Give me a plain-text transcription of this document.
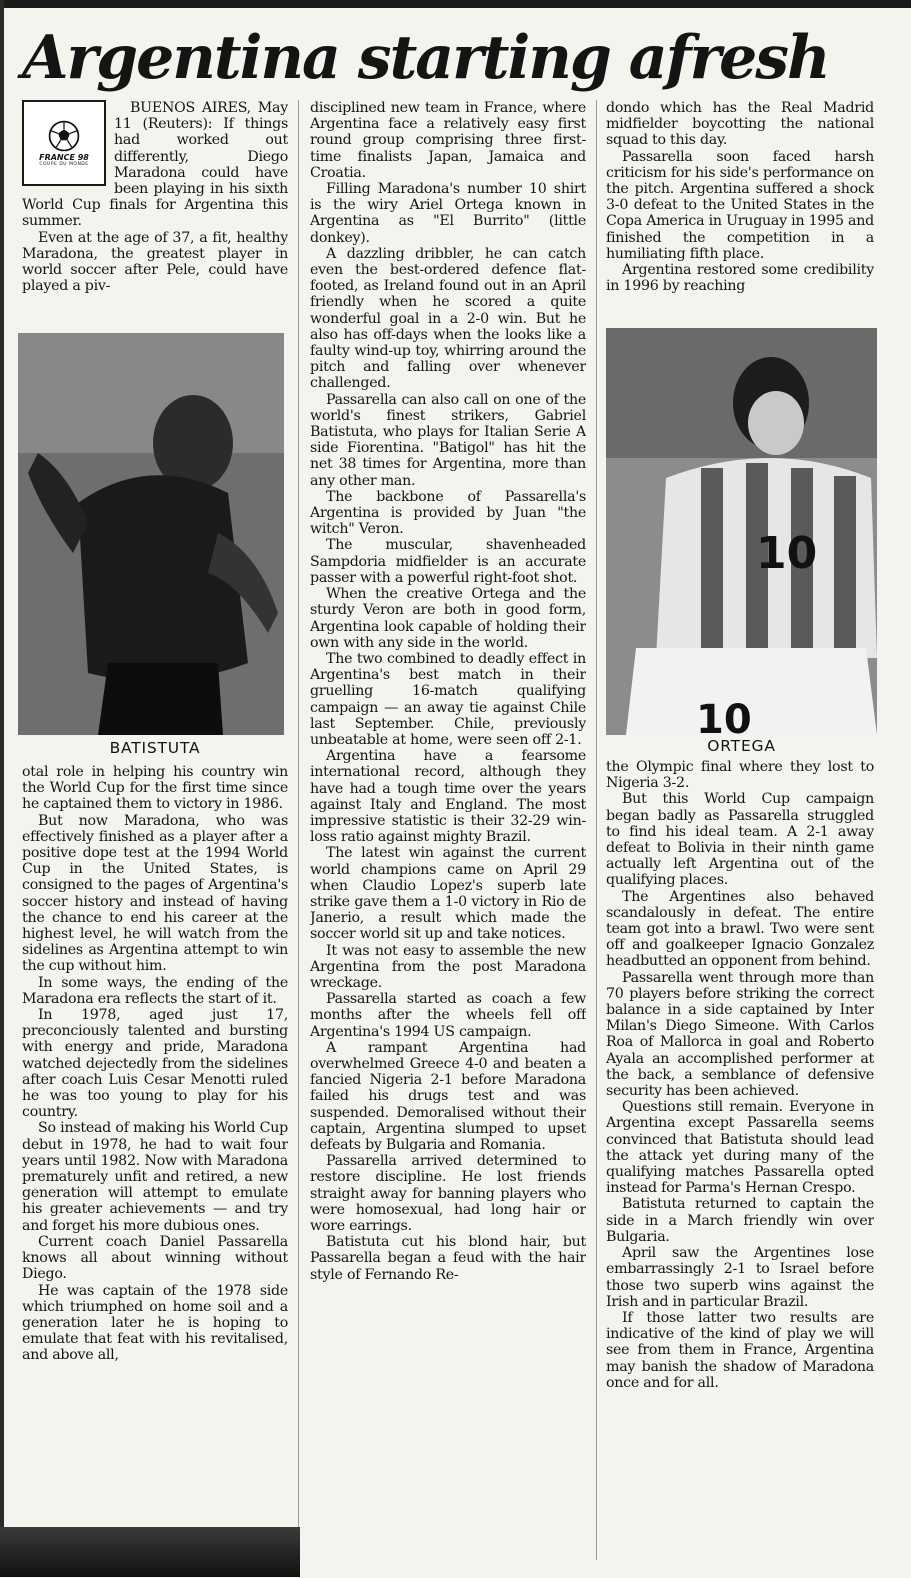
Argentina starting afresh
FRANCE 98
COUPE DU MONDE

BUENOS AIRES, May 11 (Reuters): If things had worked out differently, Diego Maradona could have been playing in his sixth World Cup finals for Argentina this summer.

Even at the age of 37, a fit, healthy Maradona, the greatest player in world soccer after Pele, could have played a piv-

BATISTUTA

otal role in helping his country win the World Cup for the first time since he captained them to victory in 1986.

But now Maradona, who was effectively finished as a player after a positive dope test at the 1994 World Cup in the United States, is consigned to the pages of Argentina's soccer history and instead of having the chance to end his career at the highest level, he will watch from the sidelines as Argentina attempt to win the cup without him.

In some ways, the ending of the Maradona era reflects the start of it.

In 1978, aged just 17, preconciously talented and bursting with energy and pride, Maradona watched dejectedly from the sidelines after coach Luis Cesar Menotti ruled he was too young to play for his country.

So instead of making his World Cup debut in 1978, he had to wait four years until 1982. Now with Maradona prematurely unfit and retired, a new generation will attempt to emulate his greater achievements — and try and forget his more dubious ones.

Current coach Daniel Passarella knows all about winning without Diego.

He was captain of the 1978 side which triumphed on home soil and a generation later he is hoping to emulate that feat with his revitalised, and above all,

disciplined new team in France, where Argentina face a relatively easy first round group comprising three first-time finalists Japan, Jamaica and Croatia.

Filling Maradona's number 10 shirt is the wiry Ariel Ortega known in Argentina as "El Burrito" (little donkey).

A dazzling dribbler, he can catch even the best-ordered defence flat-footed, as Ireland found out in an April friendly when he scored a quite wonderful goal in a 2-0 win. But he also has off-days when the looks like a faulty wind-up toy, whirring around the pitch and falling over whenever challenged.

Passarella can also call on one of the world's finest strikers, Gabriel Batistuta, who plays for Italian Serie A side Fiorentina. "Batigol" has hit the net 38 times for Argentina, more than any other man.

The backbone of Passarella's Argentina is provided by Juan "the witch" Veron.

The muscular, shavenheaded Sampdoria midfielder is an accurate passer with a powerful right-foot shot.

When the creative Ortega and the sturdy Veron are both in good form, Argentina look capable of holding their own with any side in the world.

The two combined to deadly effect in Argentina's best match in their gruelling 16-match qualifying campaign — an away tie against Chile last September. Chile, previously unbeatable at home, were seen off 2-1.

Argentina have a fearsome international record, although they have had a tough time over the years against Italy and England. The most impressive statistic is their 32-29 win-loss ratio against mighty Brazil.

The latest win against the current world champions came on April 29 when Claudio Lopez's superb late strike gave them a 1-0 victory in Rio de Janerio, a result which made the soccer world sit up and take notices.

It was not easy to assemble the new Argentina from the post Maradona wreckage.

Passarella started as coach a few months after the wheels fell off Argentina's 1994 US campaign.

A rampant Argentina had overwhelmed Greece 4-0 and beaten a fancied Nigeria 2-1 before Maradona failed his drugs test and was suspended. Demoralised without their captain, Argentina slumped to upset defeats by Bulgaria and Romania.

Passarella arrived determined to restore discipline. He lost friends straight away for banning players who were homosexual, had long hair or wore earrings.

Batistuta cut his blond hair, but Passarella began a feud with the hair style of Fernando Re-

dondo which has the Real Madrid midfielder boycotting the national squad to this day.

Passarella soon faced harsh criticism for his side's performance on the pitch. Argentina suffered a shock 3-0 defeat to the United States in the Copa America in Uruguay in 1995 and finished the competition in a humiliating fifth place.

Argentina restored some credibility in 1996 by reaching

10
10
ORTEGA

the Olympic final where they lost to Nigeria 3-2.

But this World Cup campaign began badly as Passarella struggled to find his ideal team. A 2-1 away defeat to Bolivia in their ninth game actually left Argentina out of the qualifying places.

The Argentines also behaved scandalously in defeat. The entire team got into a brawl. Two were sent off and goalkeeper Ignacio Gonzalez headbutted an opponent from behind.

Passarella went through more than 70 players before striking the correct balance in a side captained by Inter Milan's Diego Simeone. With Carlos Roa of Mallorca in goal and Roberto Ayala an accomplished performer at the back, a semblance of defensive security has been achieved.

Questions still remain. Everyone in Argentina except Passarella seems convinced that Batistuta should lead the attack yet during many of the qualifying matches Passarella opted instead for Parma's Hernan Crespo.

Batistuta returned to captain the side in a March friendly win over Bulgaria.

April saw the Argentines lose embarrassingly 2-1 to Israel before those two superb wins against the Irish and in particular Brazil.

If those latter two results are indicative of the kind of play we will see from them in France, Argentina may banish the shadow of Maradona once and for all.
